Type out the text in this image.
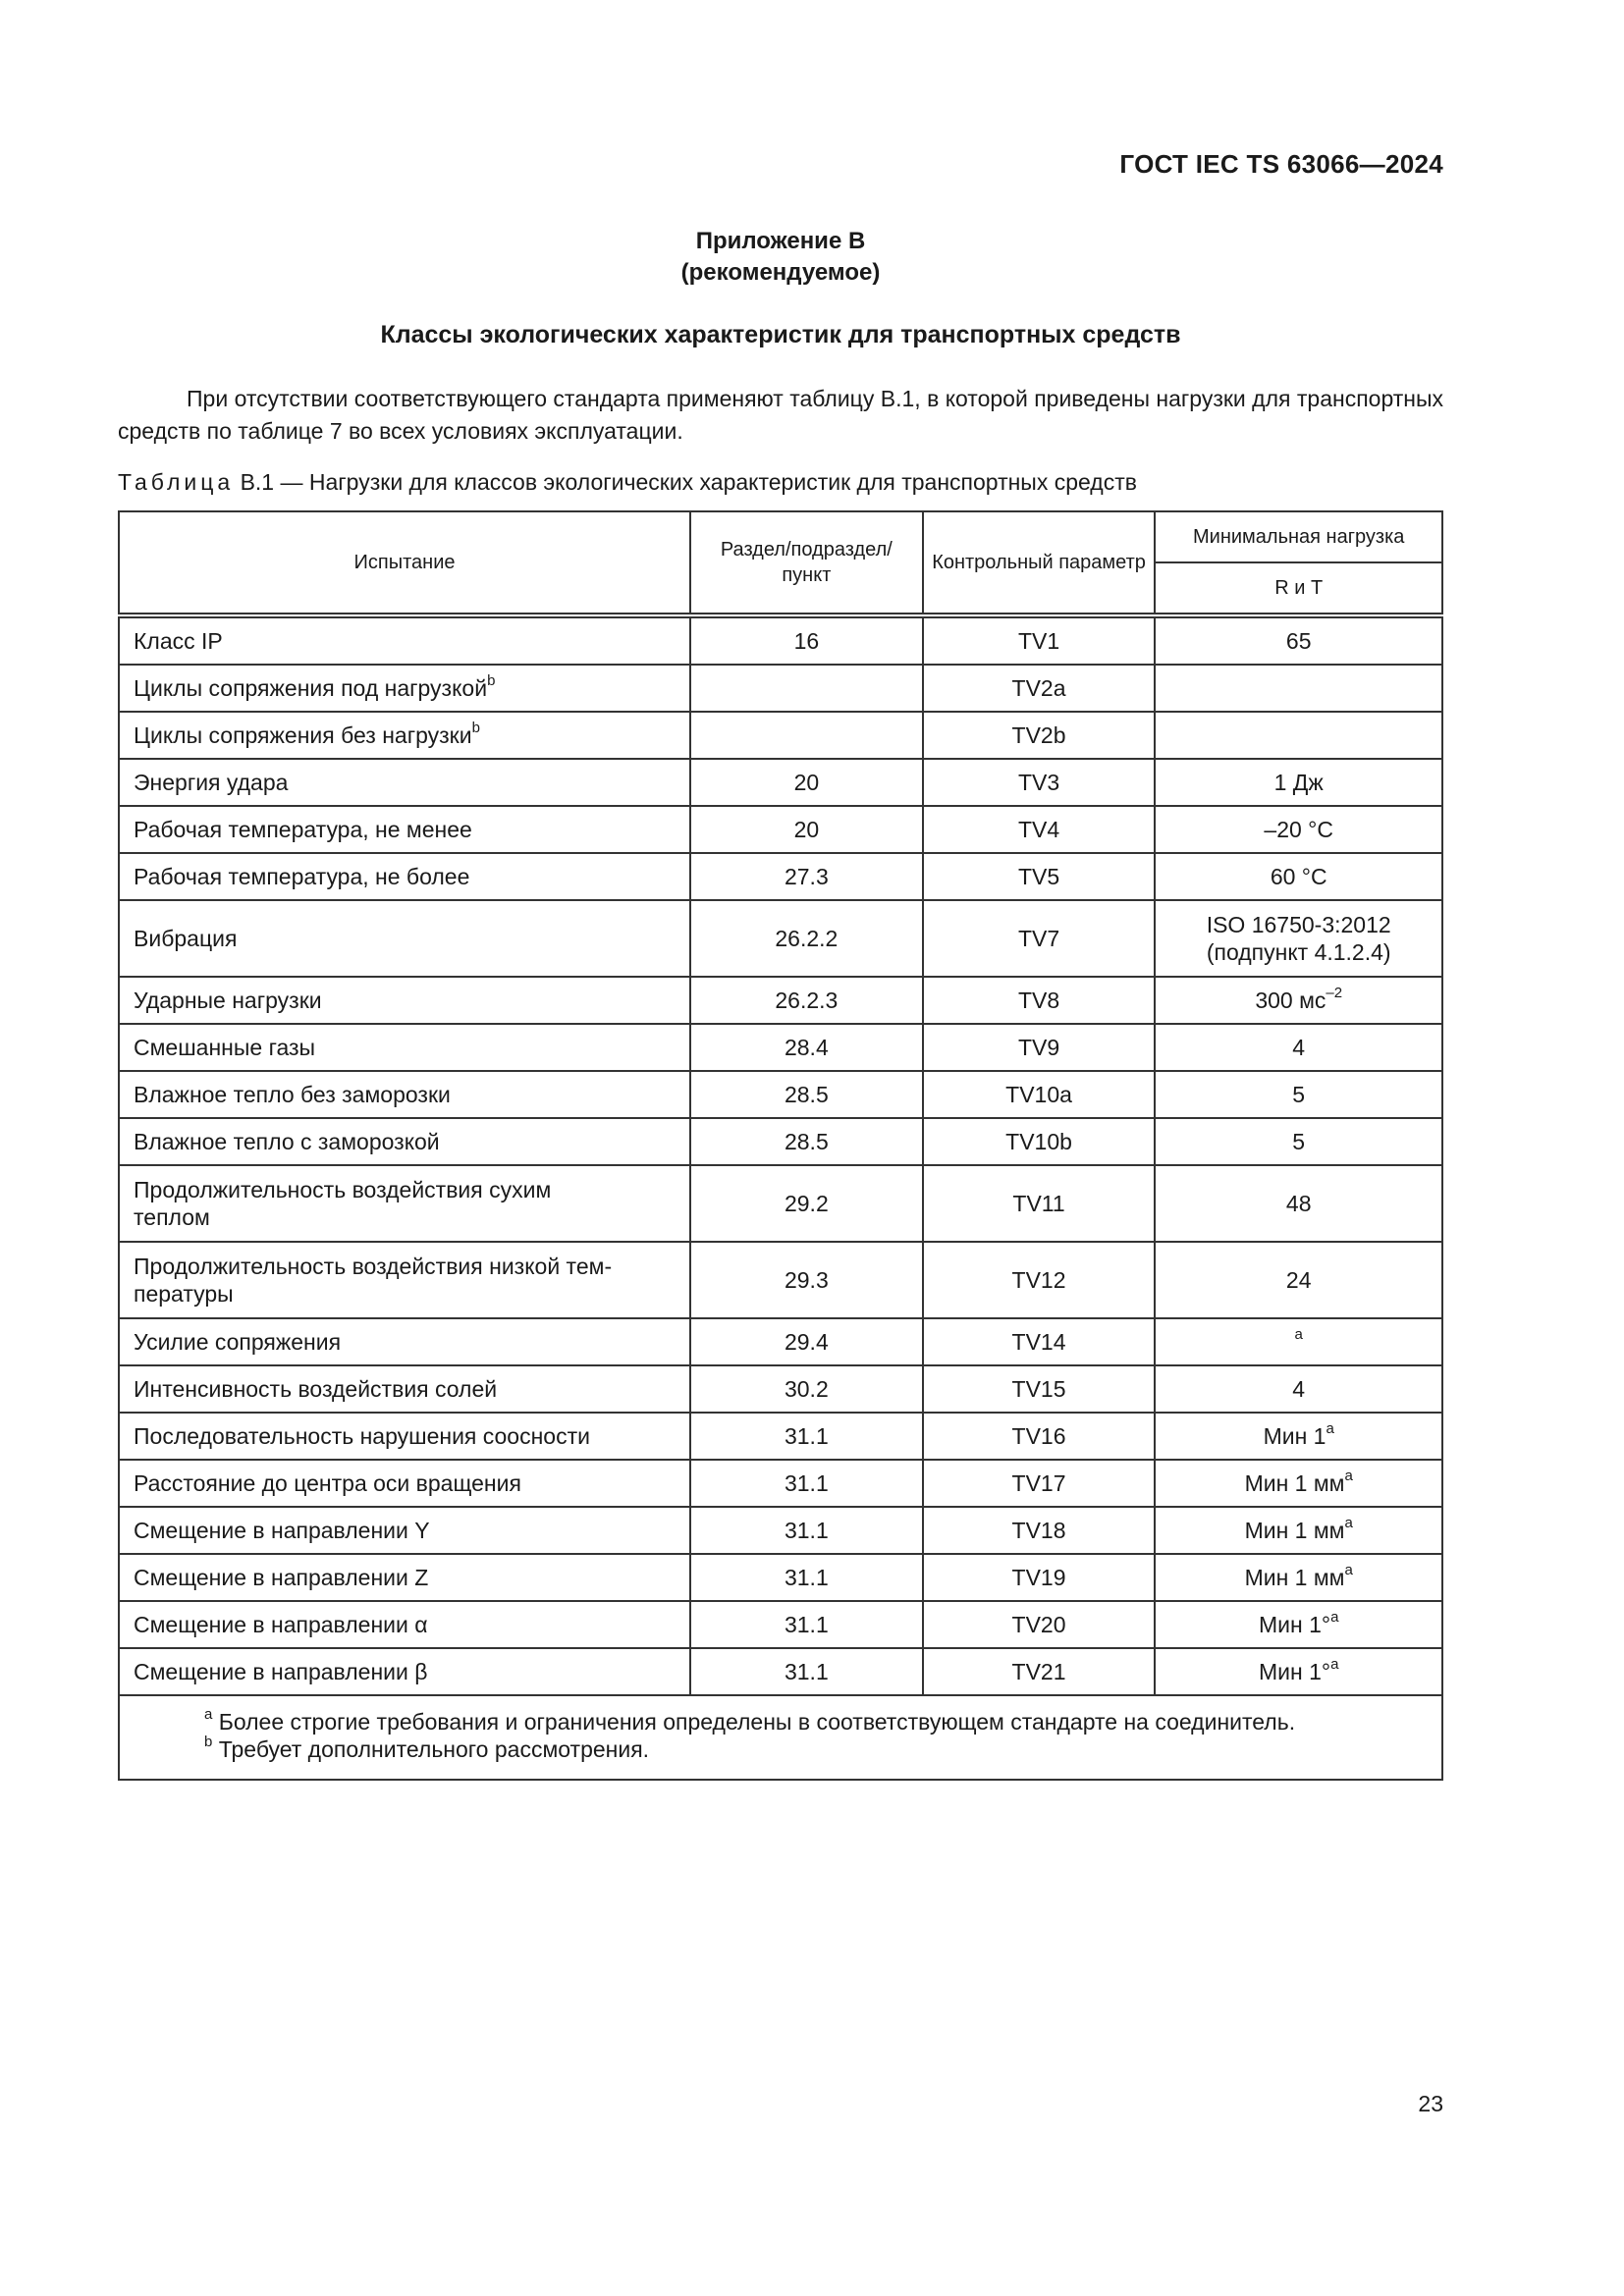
ГОСТ IEC TS 63066—2024
Приложение В
(рекомендуемое)
Классы экологических характеристик для транспортных средств
При отсутствии соответствующего стандарта применяют таблицу В.1, в которой приведены нагрузки для транспортных средств по таблице 7 во всех условиях эксплуатации.
Таблица В.1 — Нагрузки для классов экологических характеристик для транспортных средств
Испытание	Раздел/подраздел/ пункт	Контрольный параметр	Минимальная нагрузка
			R и T
Класс IP	16	TV1	65
Циклы сопряжения под нагрузкой$^b$		TV2a	
Циклы сопряжения без нагрузки$^b$		TV2b	
Энергия удара	20	TV3	1 Дж
Рабочая температура, не менее	20	TV4	–20 °C
Рабочая температура, не более	27.3	TV5	60 °C
Вибрация	26.2.2	TV7	ISO 16750-3:2012
(подпункт 4.1.2.4)
Ударные нагрузки	26.2.3	TV8	300 $мс^{-2}$
Смешанные газы	28.4	TV9	4
Влажное тепло без заморозки	28.5	TV10a	5
Влажное тепло с заморозкой	28.5	TV10b	5
Продолжительность воздействия сухим
теплом	29.2	TV11	48
Продолжительность воздействия низкой тем-
пературы	29.3	TV12	24
Усилие сопряжения	29.4	TV14	$^a$
Интенсивность воздействия солей	30.2	TV15	4
Последовательность нарушения соосности	31.1	TV16	Мин 1$^a$
Расстояние до центра оси вращения	31.1	TV17	Мин 1 $мм^a$
Смещение в направлении Y	31.1	TV18	Мин 1 $мм^a$
Смещение в направлении Z	31.1	TV19	Мин 1 $мм^a$
Смещение в направлении α	31.1	TV20	Мин 1°$^a$
Смещение в направлении β	31.1	TV21	Мин 1°$^a$

$^a$ Более строгие требования и ограничения определены в соответствующем стандарте на соединитель.
$^b$ Требует дополнительного рассмотрения.			
23
